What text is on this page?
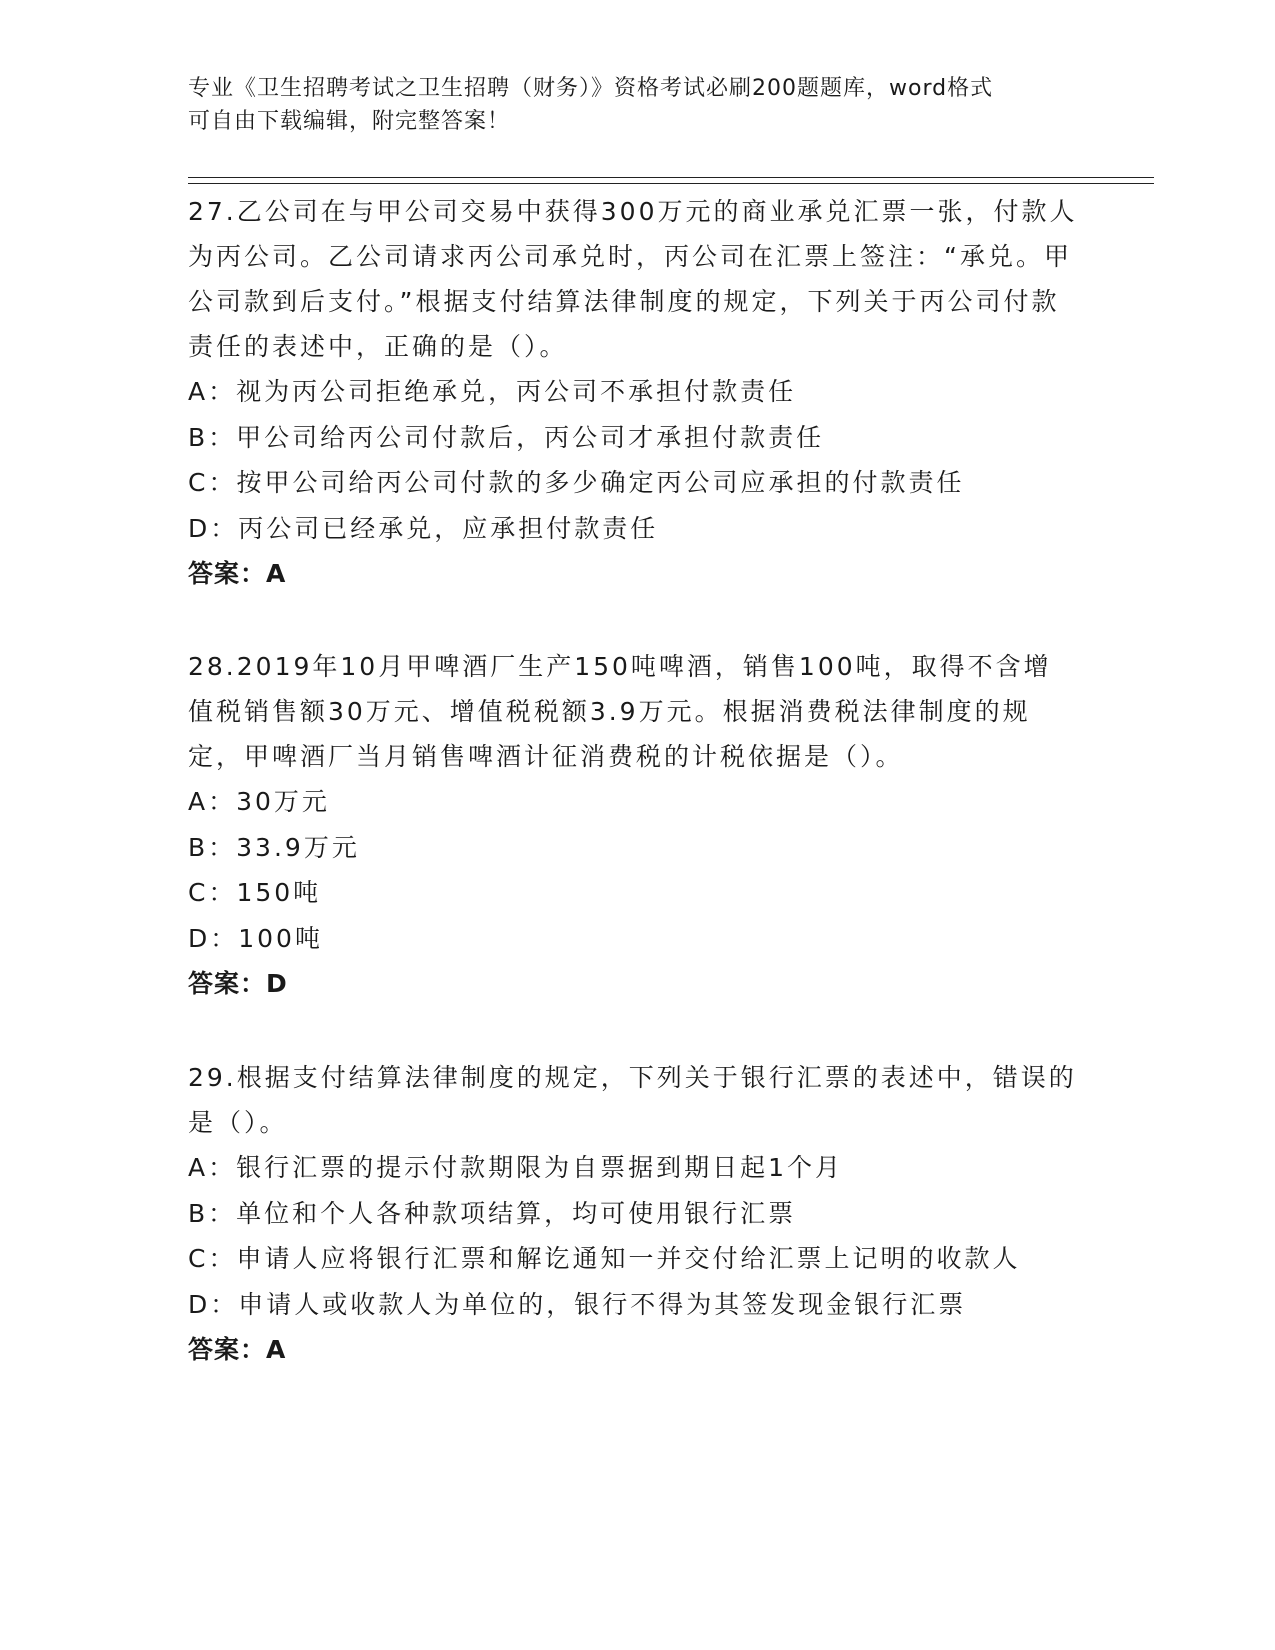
专业《卫生招聘考试之卫生招聘（财务）》资格考试必刷200题题库，word格式

可自由下载编辑，附完整答案！

27.乙公司在与甲公司交易中获得300万元的商业承兑汇票一张，付款人为丙公司。乙公司请求丙公司承兑时，丙公司在汇票上签注：“承兑。甲公司款到后支付。”根据支付结算法律制度的规定，下列关于丙公司付款责任的表述中，正确的是（）。

A：视为丙公司拒绝承兑，丙公司不承担付款责任

B：甲公司给丙公司付款后，丙公司才承担付款责任

C：按甲公司给丙公司付款的多少确定丙公司应承担的付款责任

D：丙公司已经承兑，应承担付款责任

答案：A

28.2019年10月甲啤酒厂生产150吨啤酒，销售100吨，取得不含增值税销售额30万元、增值税税额3.9万元。根据消费税法律制度的规定，甲啤酒厂当月销售啤酒计征消费税的计税依据是（）。

A：30万元

B：33.9万元

C：150吨

D：100吨

答案：D

29.根据支付结算法律制度的规定，下列关于银行汇票的表述中，错误的是（）。

A：银行汇票的提示付款期限为自票据到期日起1个月

B：单位和个人各种款项结算，均可使用银行汇票

C：申请人应将银行汇票和解讫通知一并交付给汇票上记明的收款人

D：申请人或收款人为单位的，银行不得为其签发现金银行汇票

答案：A
